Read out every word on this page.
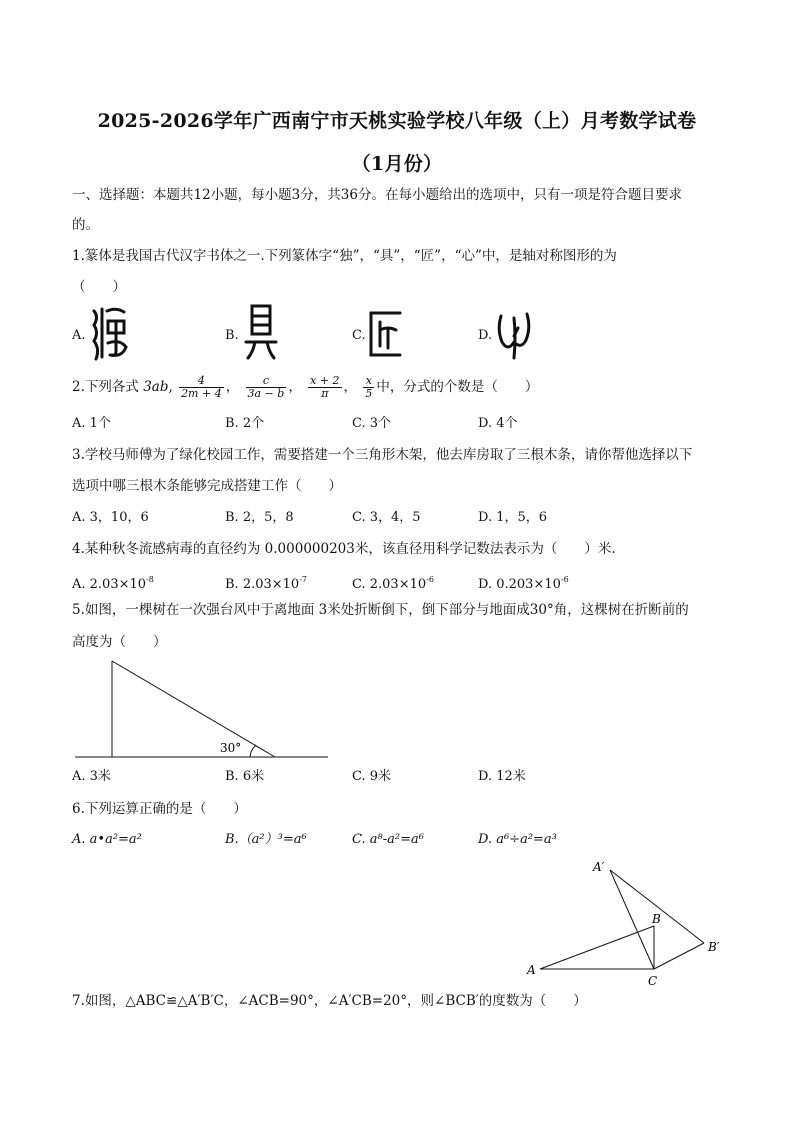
2025-2026学年广西南宁市天桃实验学校八年级（上）月考数学试卷
（1月份）
一、选择题：本题共12小题，每小题3分，共36分。在每小题给出的选项中，只有一项是符合题目要求
的。
1.篆体是我国古代汉字书体之一.下列篆体字“独”，“具”，“匠”，“心”中，是轴对称图形的为
（　　）
A.	B.	C.	D.
2.下列各式 3ab, $\frac{4}{2m + 4}$ ， $\frac{c}{3a - b}$ ， $\frac{x + 2}{\pi}$ ， $\frac{x}{5}$ 中，分式的个数是（　　）
A. 1个	B. 2个	C. 3个	D. 4个
3.学校马师傅为了绿化校园工作，需要搭建一个三角形木架，他去库房取了三根木条，请你帮他选择以下
选项中哪三根木条能够完成搭建工作（　　）
A. 3，10，6	B. 2，5，8	C. 3，4，5	D. 1，5，6
4.某种秋冬流感病毒的直径约为 0.000000203米，该直径用科学记数法表示为（　　）米.
A. $2.03\times 10^{-8}$	B. $2.03\times 10^{-7}$	C. $2.03\times 10^{-6}$	D. $0.203\times 10^{-6}$
5.如图，一棵树在一次强台风中于离地面 3米处折断倒下，倒下部分与地面成30°角，这棵树在折断前的
高度为（　　）
30°
A. 3米	B. 6米	C. 9米	D. 12米
6.下列运算正确的是（　　）
A. a•a²=a²	B.（a²）³=a⁶	C. a⁸-a²=a⁶	D. a⁶÷a²=a³
A′
B
B′
A
C
7.如图，△ABC≌△A′B′C，∠ACB=90°，∠A′CB=20°，则∠BCB′的度数为（　　）
